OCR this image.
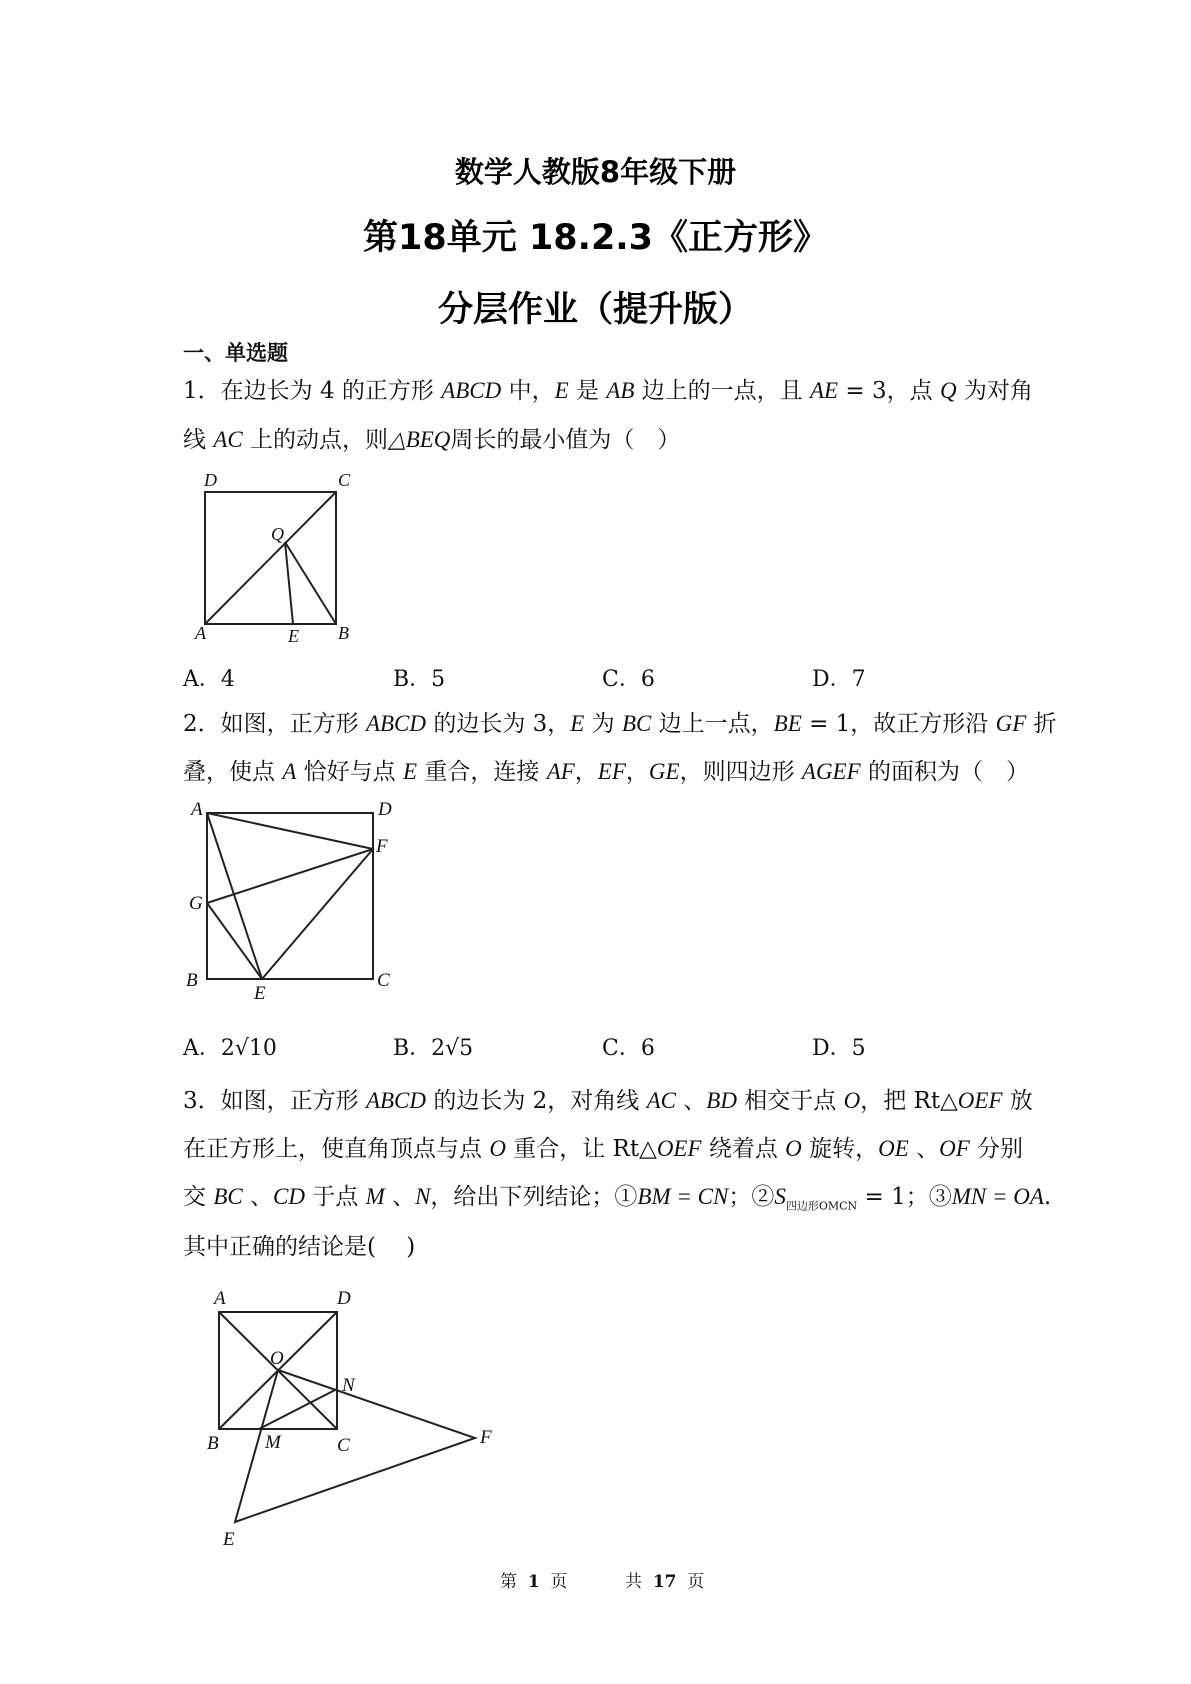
数学人教版8年级下册
第18单元 18.2.3《正方形》
分层作业（提升版）
一、单选题
1．在边长为 4 的正方形 ABCD 中，E 是 AB 边上的一点，且 AE = 3，点 Q 为对角
线 AC 上的动点，则△BEQ周长的最小值为（　）
D	C
Q
A	E B
A．4	B．5	C．6	D．7
2．如图，正方形 ABCD 的边长为 3，E 为 BC 边上一点，BE = 1，故正方形沿 GF 折
叠，使点 A 恰好与点 E 重合，连接 AF，EF，GE，则四边形 AGEF 的面积为（　）
A	D
F
G
B
E
C
A．2√10	B．2√5	C．6	D．5
3．如图，正方形 ABCD 的边长为 2，对角线 AC 、BD 相交于点 O，把 Rt△OEF 放
在正方形上，使直角顶点与点 O 重合，让 Rt△OEF 绕着点 O 旋转，OE 、OF 分别
交 BC 、CD 于点 M 、N，给出下列结论；①BM = CN；$②S_{四边形OMCN} = 1$；③MN = OA.
其中正确的结论是(　 )
A	D
O
N
B M	C	F
E
第 1 页	共 17 页
